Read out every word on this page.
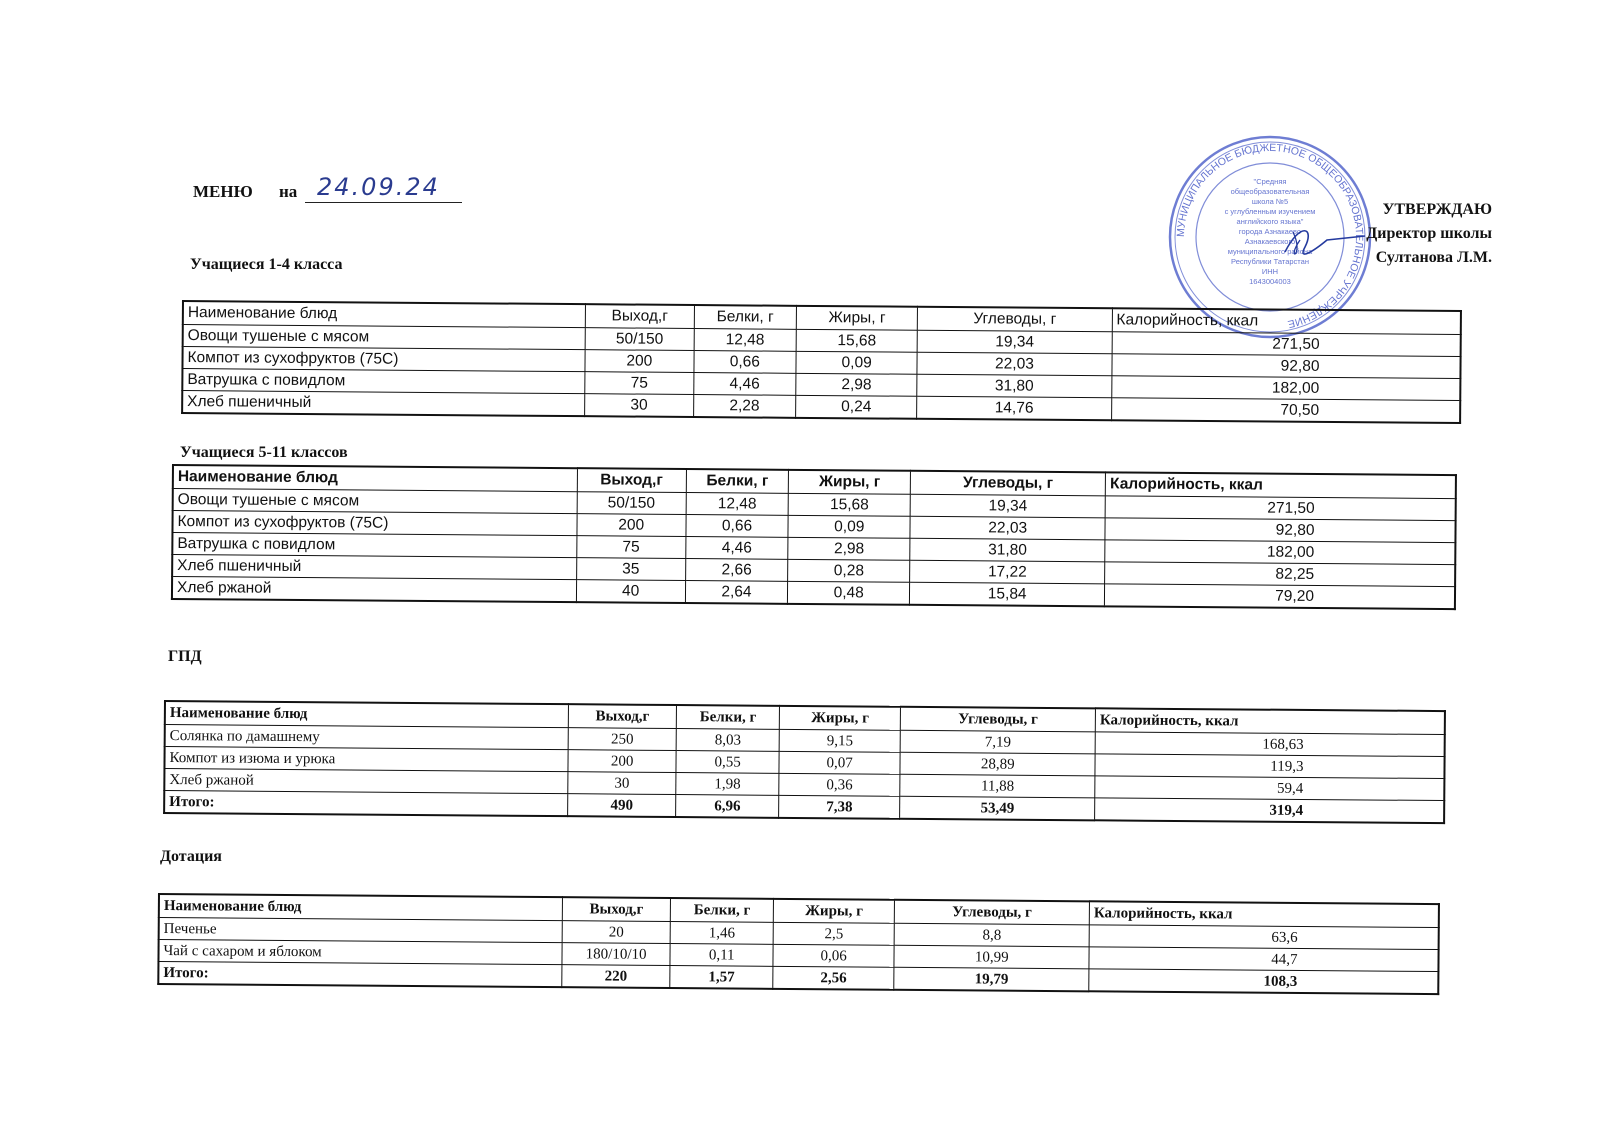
МЕНЮ на 24.09.24
МУНИЦИПАЛЬНОЕ БЮДЖЕТНОЕ ОБЩЕОБРАЗОВАТЕЛЬНОЕ УЧРЕЖДЕНИЕ
"Средняя
общеобразовательная
школа №5
с углубленным изучением
английского языка"
города Азнакаево
Азнакаевского
муниципального района
Республики Татарстан
ИНН
1643004003
УТВЕРЖДАЮ
Директор школы
Султанова Л.М.
Учащиеся 1-4 класса
Наименование блюд	Выход,г	Белки, г	Жиры, г	Углеводы, г	Калорийность, ккал
Овощи тушеные с мясом	50/150	12,48	15,68	19,34	271,50
Компот из сухофруктов (75С)	200	0,66	0,09	22,03	92,80
Ватрушка с повидлом	75	4,46	2,98	31,80	182,00
Хлеб пшеничный	30	2,28	0,24	14,76	70,50
Учащиеся 5-11 классов
Наименование блюд	Выход,г	Белки, г	Жиры, г	Углеводы, г	Калорийность, ккал
Овощи тушеные с мясом	50/150	12,48	15,68	19,34	271,50
Компот из сухофруктов (75С)	200	0,66	0,09	22,03	92,80
Ватрушка с повидлом	75	4,46	2,98	31,80	182,00
Хлеб пшеничный	35	2,66	0,28	17,22	82,25
Хлеб ржаной	40	2,64	0,48	15,84	79,20
ГПД
Наименование блюд	Выход,г	Белки, г	Жиры, г	Углеводы, г	Калорийность, ккал
Солянка по дамашнему	250	8,03	9,15	7,19	168,63
Компот из изюма и урюка	200	0,55	0,07	28,89	119,3
Хлеб ржаной	30	1,98	0,36	11,88	59,4
Итого:	490	6,96	7,38	53,49	319,4
Дотация
Наименование блюд	Выход,г	Белки, г	Жиры, г	Углеводы, г	Калорийность, ккал
Печенье	20	1,46	2,5	8,8	63,6
Чай с сахаром и яблоком	180/10/10	0,11	0,06	10,99	44,7
Итого:	220	1,57	2,56	19,79	108,3
